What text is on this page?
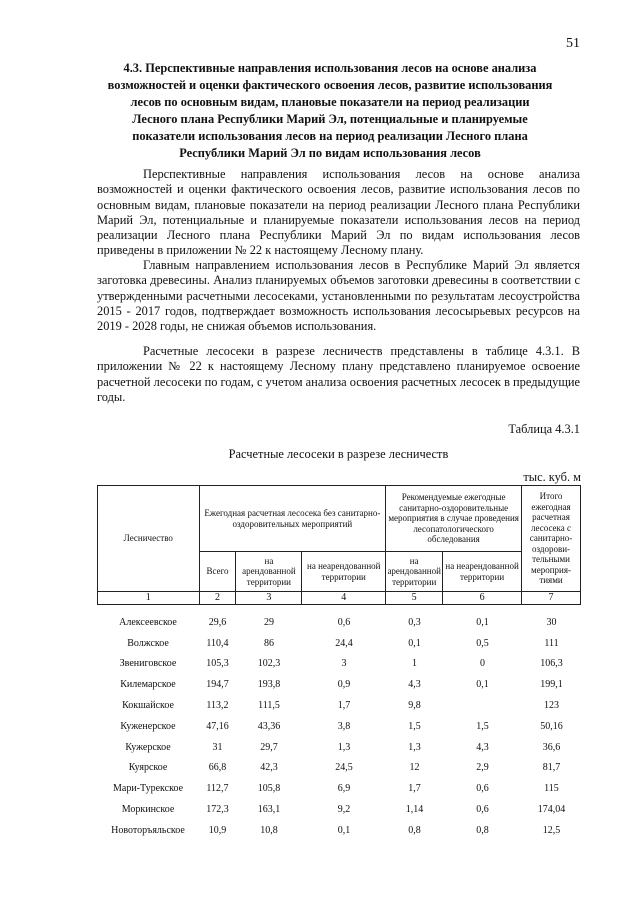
51
4.3. Перспективные направления использования лесов на основе анализа
возможностей и оценки фактического освоения лесов, развитие использования
лесов по основным видам, плановые показатели на период реализации
Лесного плана Республики Марий Эл, потенциальные и планируемые
показатели использования лесов на период реализации Лесного плана
Республики Марий Эл по видам использования лесов

Перспективные направления использования лесов на основе анализа возможностей и оценки фактического освоения лесов, развитие использования лесов по основным видам, плановые показатели на период реализации Лесного плана Республики Марий Эл, потенциальные и планируемые показатели использования лесов на период реализации Лесного плана Республики Марий Эл по видам использования лесов приведены в приложении № 22 к настоящему Лесному плану.

Главным направлением использования лесов в Республике Марий Эл является заготовка древесины. Анализ планируемых объемов заготовки древесины в соответствии с утвержденными расчетными лесосеками, установленными по результатам лесоустройства 2015 - 2017 годов, подтверждает возможность использования лесосырьевых ресурсов на 2019 - 2028 годы, не снижая объемов использования.

Расчетные лесосеки в разрезе лесничеств представлены в таблице 4.3.1. В приложении № 22 к настоящему Лесному плану представлено планируемое освоение расчетной лесосеки по годам, с учетом анализа освоения расчетных лесосек в предыдущие годы.

Таблица 4.3.1
Расчетные лесосеки в разрезе лесничеств
тыс. куб. м
Лесничество	Ежегодная расчетная лесосека без санитарно-оздоровительных мероприятий			Рекомендуемые ежегодные санитарно-оздоровительные мероприятия в случае проведения лесопатологического обследования		Итого ежегодная расчетная лесосека с санитарно-оздорови-тельными мероприя-тиями
	Всего	на арендованной территории	на неарендованной территории	на арендованной территории	на неарендованной территории	
1	2	3	4	5	6	7
Алексеевское	29,6	29	0,6	0,3	0,1	30
Волжское	110,4	86	24,4	0,1	0,5	111
Звениговское	105,3	102,3	3	1	0	106,3
Килемарское	194,7	193,8	0,9	4,3	0,1	199,1
Кокшайское	113,2	111,5	1,7	9,8		123
Куженерское	47,16	43,36	3,8	1,5	1,5	50,16
Кужерское	31	29,7	1,3	1,3	4,3	36,6
Куярское	66,8	42,3	24,5	12	2,9	81,7
Мари-Турекское	112,7	105,8	6,9	1,7	0,6	115
Моркинское	172,3	163,1	9,2	1,14	0,6	174,04
Новоторъяльское	10,9	10,8	0,1	0,8	0,8	12,5
